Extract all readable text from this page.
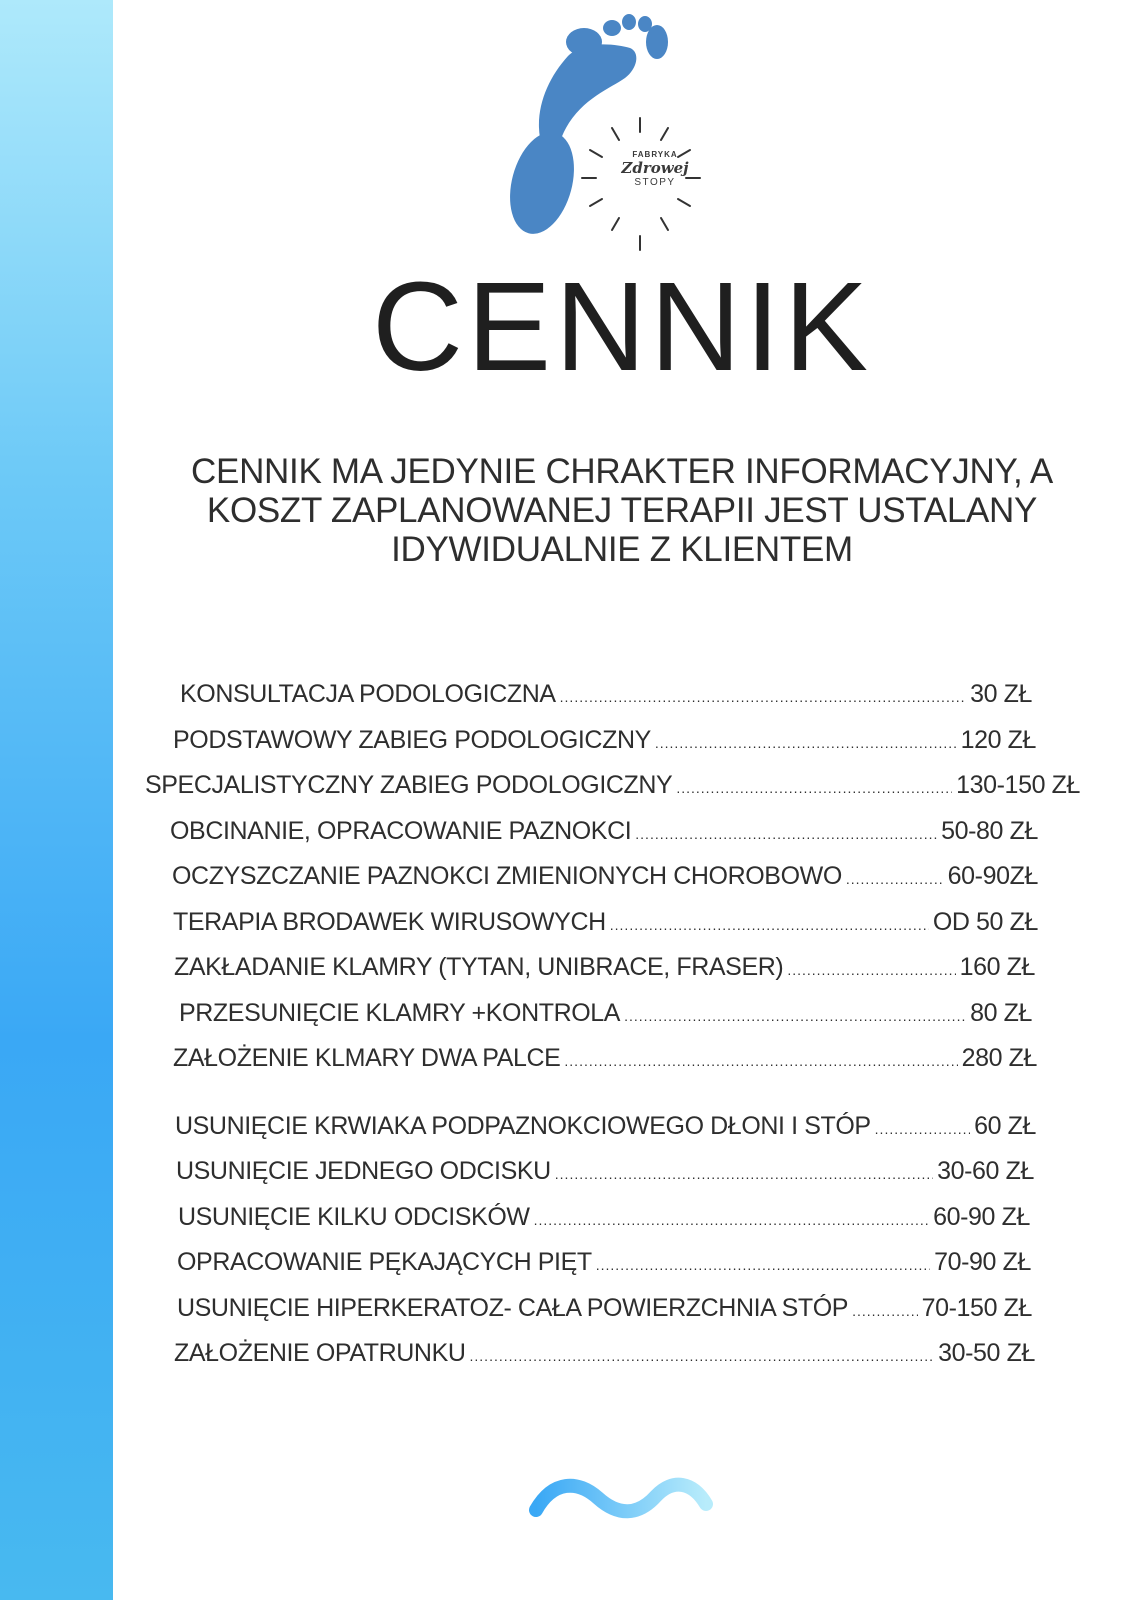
FABRYKA
Zdrowej
STOPY
CENNIK
CENNIK MA JEDYNIE CHRAKTER INFORMACYJNY, A
KOSZT ZAPLANOWANEJ TERAPII JEST USTALANY
IDYWIDUALNIE Z KLIENTEM
KONSULTACJA PODOLOGICZNA .....	30 ZŁ
PODSTAWOWY ZABIEG PODOLOGICZNY .....	120 ZŁ
SPECJALISTYCZNY ZABIEG PODOLOGICZNY .....	130-150 ZŁ
OBCINANIE, OPRACOWANIE PAZNOKCI .....	50-80 ZŁ
OCZYSZCZANIE PAZNOKCI ZMIENIONYCH CHOROBOWO .....	60-90ZŁ
TERAPIA BRODAWEK WIRUSOWYCH .....	OD 50 ZŁ
ZAKŁADANIE KLAMRY (TYTAN, UNIBRACE, FRASER) .....	160 ZŁ
PRZESUNIĘCIE KLAMRY +KONTROLA .....	80 ZŁ
ZAŁOŻENIE KLMARY DWA PALCE .....	280 ZŁ
USUNIĘCIE KRWIAKA PODPAZNOKCIOWEGO DŁONI I STÓP .....	60 ZŁ
USUNIĘCIE JEDNEGO ODCISKU .....	30-60 ZŁ
USUNIĘCIE KILKU ODCISKÓW .....	60-90 ZŁ
OPRACOWANIE PĘKAJĄCYCH PIĘT .....	70-90 ZŁ
USUNIĘCIE HIPERKERATOZ- CAŁA POWIERZCHNIA STÓP .....	70-150 ZŁ
ZAŁOŻENIE OPATRUNKU .....	30-50 ZŁ
